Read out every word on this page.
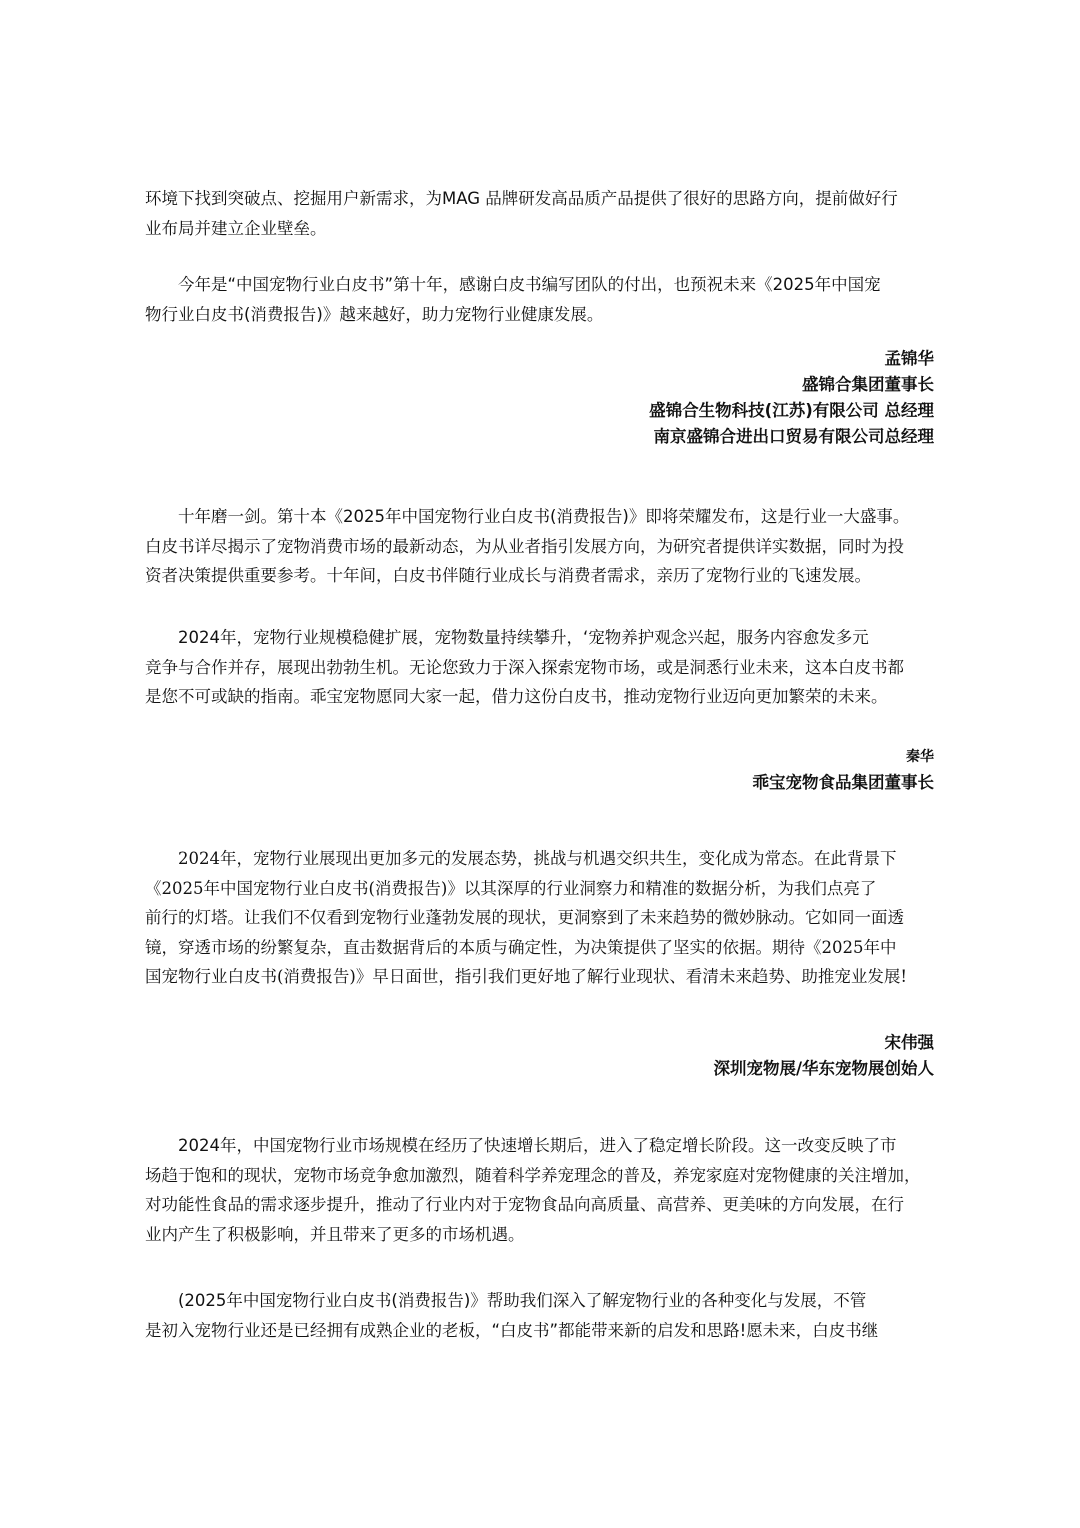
环境下找到突破点、挖掘用户新需求，为MAG 品牌研发高品质产品提供了很好的思路方向，提前做好行
业布局并建立企业壁垒。
　　今年是“中国宠物行业白皮书”第十年，感谢白皮书编写团队的付出，也预祝未来《2025年中国宠
物行业白皮书(消费报告)》越来越好，助力宠物行业健康发展。
孟锦华
盛锦合集团董事长
盛锦合生物科技(江苏)有限公司 总经理
南京盛锦合进出口贸易有限公司总经理
　　十年磨一剑。第十本《2025年中国宠物行业白皮书(消费报告)》即将荣耀发布，这是行业一大盛事。
白皮书详尽揭示了宠物消费市场的最新动态，为从业者指引发展方向，为研究者提供详实数据，同时为投
资者决策提供重要参考。十年间，白皮书伴随行业成长与消费者需求，亲历了宠物行业的飞速发展。
　　2024年，宠物行业规模稳健扩展，宠物数量持续攀升，‘宠物养护观念兴起，服务内容愈发多元
竞争与合作并存，展现出勃勃生机。无论您致力于深入探索宠物市场，或是洞悉行业未来，这本白皮书都
是您不可或缺的指南。乖宝宠物愿同大家一起，借力这份白皮书，推动宠物行业迈向更加繁荣的未来。
秦华
乖宝宠物食品集团董事长
　　2024年，宠物行业展现出更加多元的发展态势，挑战与机遇交织共生，变化成为常态。在此背景下
《2025年中国宠物行业白皮书(消费报告)》以其深厚的行业洞察力和精准的数据分析，为我们点亮了
前行的灯塔。让我们不仅看到宠物行业蓬勃发展的现状，更洞察到了未来趋势的微妙脉动。它如同一面透
镜，穿透市场的纷繁复杂，直击数据背后的本质与确定性，为决策提供了坚实的依据。期待《2025年中
国宠物行业白皮书(消费报告)》早日面世，指引我们更好地了解行业现状、看清未来趋势、助推宠业发展!
宋伟强
深圳宠物展/华东宠物展创始人
　　2024年，中国宠物行业市场规模在经历了快速增长期后，进入了稳定增长阶段。这一改变反映了市
场趋于饱和的现状，宠物市场竞争愈加激烈，随着科学养宠理念的普及，养宠家庭对宠物健康的关注增加，
对功能性食品的需求逐步提升，推动了行业内对于宠物食品向高质量、高营养、更美味的方向发展，在行
业内产生了积极影响，并且带来了更多的市场机遇。
　　(2025年中国宠物行业白皮书(消费报告)》帮助我们深入了解宠物行业的各种变化与发展，不管
是初入宠物行业还是已经拥有成熟企业的老板，“白皮书”都能带来新的启发和思路!愿未来，白皮书继
